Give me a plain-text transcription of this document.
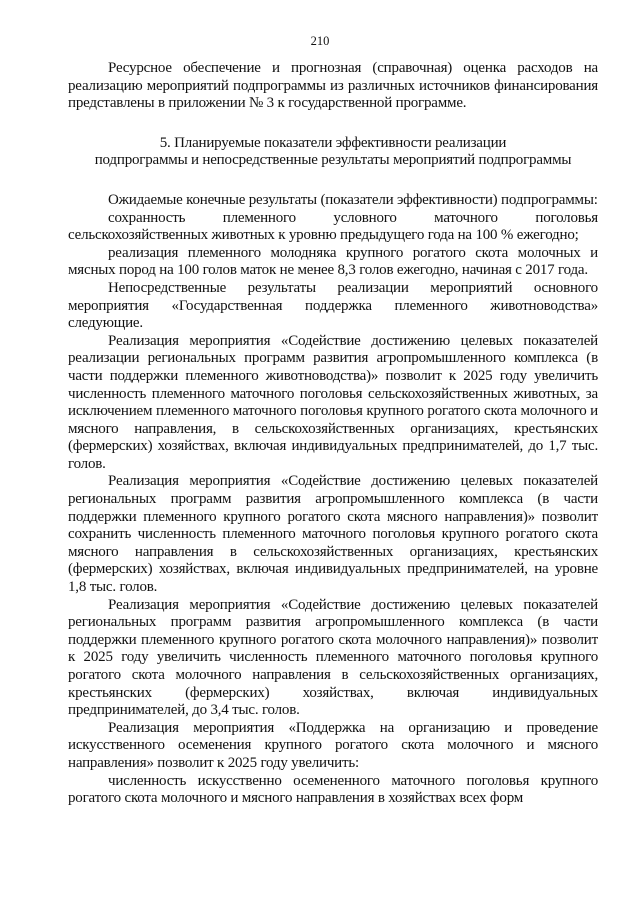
210

Ресурсное обеспечение и прогнозная (справочная) оценка расходов на реализацию мероприятий подпрограммы из различных источников финансирования представлены в приложении № 3 к государственной программе.

5. Планируемые показатели эффективности реализации
подпрограммы и непосредственные результаты мероприятий подпрограммы

Ожидаемые конечные результаты (показатели эффективности) подпрограммы:

сохранность племенного условного маточного поголовья сельскохозяйственных животных к уровню предыдущего года на 100 % ежегодно;

реализация племенного молодняка крупного рогатого скота молочных и мясных пород на 100 голов маток не менее 8,3 голов ежегодно, начиная с 2017 года.

Непосредственные результаты реализации мероприятий основного мероприятия «Государственная поддержка племенного животноводства» следующие.

Реализация мероприятия «Содействие достижению целевых показателей реализации региональных программ развития агропромышленного комплекса (в части поддержки племенного животноводства)» позволит к 2025 году увеличить численность племенного маточного поголовья сельскохозяйственных животных, за исключением племенного маточного поголовья крупного рогатого скота молочного и мясного направления, в сельскохозяйственных организациях, крестьянских (фермерских) хозяйствах, включая индивидуальных предпринимателей, до 1,7 тыс. голов.

Реализация мероприятия «Содействие достижению целевых показателей региональных программ развития агропромышленного комплекса (в части поддержки племенного крупного рогатого скота мясного направления)» позволит сохранить численность племенного маточного поголовья крупного рогатого скота мясного направления в сельскохозяйственных организациях, крестьянских (фермерских) хозяйствах, включая индивидуальных предпринимателей, на уровне 1,8 тыс. голов.

Реализация мероприятия «Содействие достижению целевых показателей региональных программ развития агропромышленного комплекса (в части поддержки племенного крупного рогатого скота молочного направления)» позволит к 2025 году увеличить численность племенного маточного поголовья крупного рогатого скота молочного направления в сельскохозяйственных организациях, крестьянских (фермерских) хозяйствах, включая индивидуальных предпринимателей, до 3,4 тыс. голов.

Реализация мероприятия «Поддержка на организацию и проведение искусственного осеменения крупного рогатого скота молочного и мясного направления» позволит к 2025 году увеличить:

численность искусственно осемененного маточного поголовья крупного рогатого скота молочного и мясного направления в хозяйствах всех форм
